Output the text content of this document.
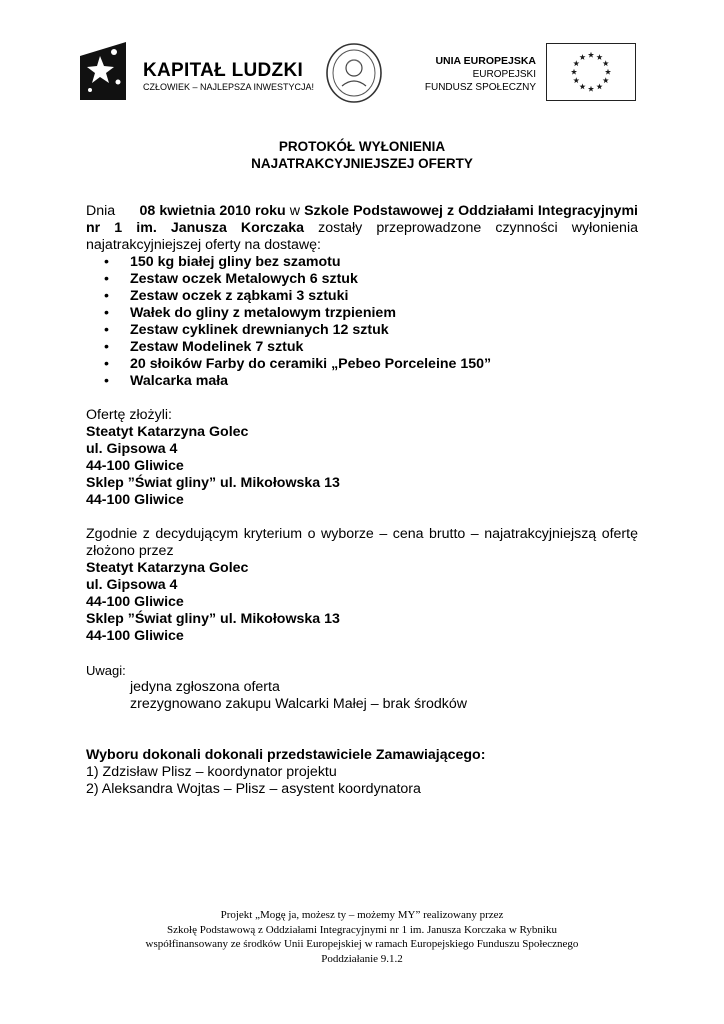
KAPITAŁ LUDZKI
CZŁOWIEK – NAJLEPSZA INWESTYCJA!
UNIA EUROPEJSKA
EUROPEJSKI
FUNDUSZ SPOŁECZNY
PROTOKÓŁ WYŁONIENIA
NAJATRAKCYJNIEJSZEJ OFERTY
Dnia 08 kwietnia 2010 roku w Szkole Podstawowej z Oddziałami Integracyjnymi nr 1 im. Janusza Korczaka zostały przeprowadzone czynności wyłonienia najatrakcyjniejszej oferty na dostawę:
• 150 kg białej gliny bez szamotu
• Zestaw oczek Metalowych 6 sztuk
• Zestaw oczek z ząbkami 3 sztuki
• Wałek do gliny z metalowym trzpieniem
• Zestaw cyklinek drewnianych 12 sztuk
• Zestaw Modelinek 7 sztuk
• 20 słoików Farby do ceramiki „Pebeo Porceleine 150”
• Walcarka mała
Ofertę złożyli:
Steatyt Katarzyna Golec
ul. Gipsowa 4
44-100 Gliwice
Sklep ”Świat gliny” ul. Mikołowska 13
44-100 Gliwice
Zgodnie z decydującym kryterium o wyborze – cena brutto – najatrakcyjniejszą ofertę złożono przez
Steatyt Katarzyna Golec
ul. Gipsowa 4
44-100 Gliwice
Sklep ”Świat gliny” ul. Mikołowska 13
44-100 Gliwice
Uwagi:
jedyna zgłoszona oferta
zrezygnowano zakupu Walcarki Małej – brak środków
Wyboru dokonali dokonali przedstawiciele Zamawiającego:
1) Zdzisław Plisz – koordynator projektu
2) Aleksandra Wojtas – Plisz – asystent koordynatora
Projekt „Mogę ja, możesz ty – możemy MY” realizowany przez
Szkołę Podstawową z Oddziałami Integracyjnymi nr 1 im. Janusza Korczaka w Rybniku
współfinansowany ze środków Unii Europejskiej w ramach Europejskiego Funduszu Społecznego
Poddziałanie 9.1.2
